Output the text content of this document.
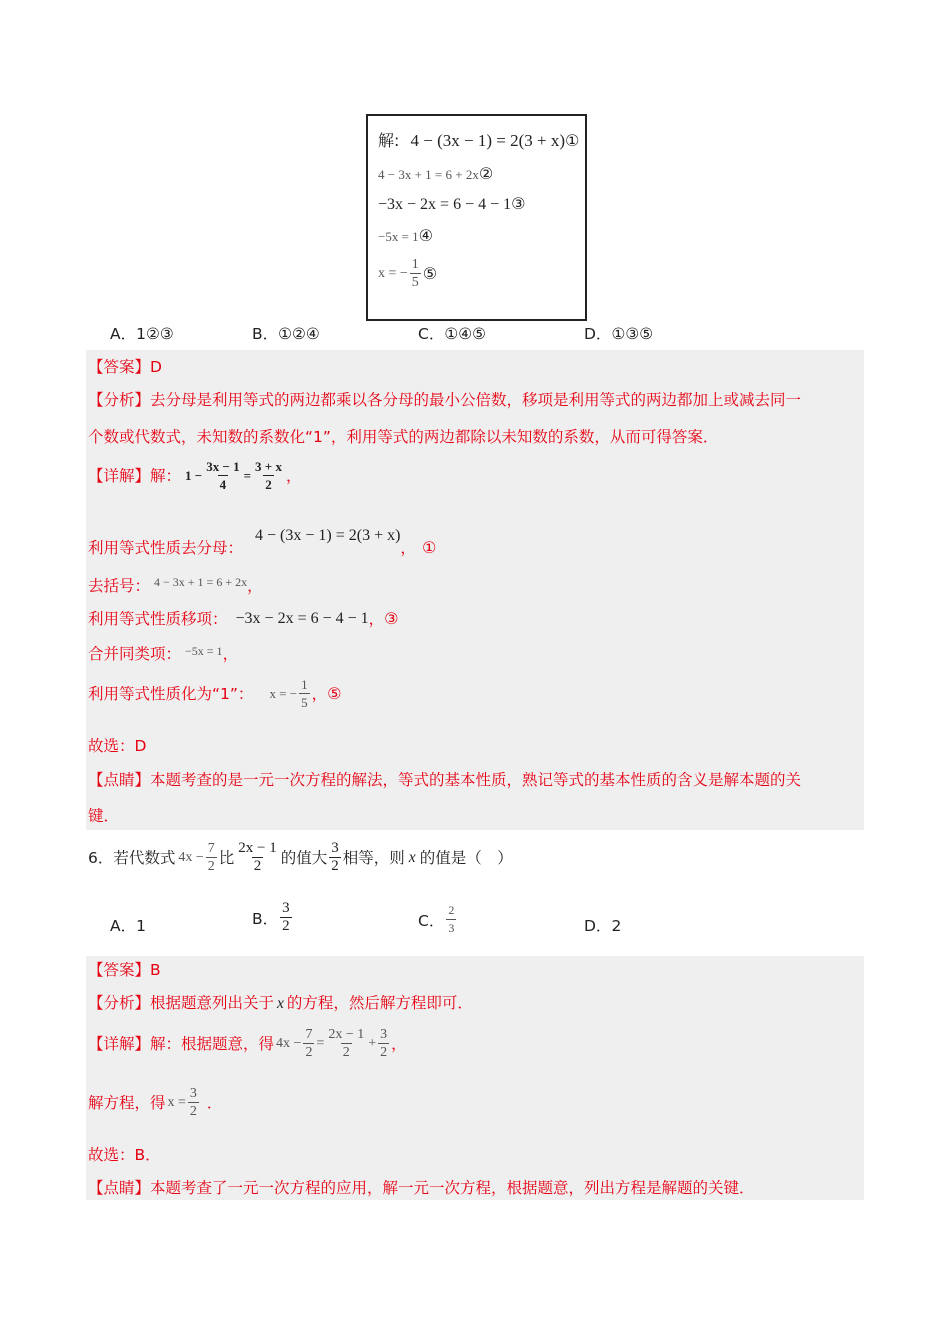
解: 4 − (3x − 1) = 2(3 + x)①
4 − 3x + 1 = 6 + 2x②
−3x − 2x = 6 − 4 − 1③
−5x = 1④
x = − $\frac{1}{5}$ ⑤
A．1②③	B．①②④	C．①④⑤	D．①③⑤
【答案】D
【分析】去分母是利用等式的两边都乘以各分母的最小公倍数，移项是利用等式的两边都加上或减去同一
个数或代数式，未知数的系数化“1”，利用等式的两边都除以未知数的系数，从而可得答案．
【详解】 解： $1 - \frac{3x - 1}{4} = \frac{3 + x}{2}$ ，
利用等式性质去分母：
4 − (3x − 1) = 2(3 + x)
， ①
去括号： 4 − 3x + 1 = 6 + 2x ，
利用等式性质移项： −3x − 2x = 6 − 4 − 1 ， ③
合并同类项： −5x = 1 ，
利用等式性质化为“1”： x = − $\frac{1}{5}$ ， ⑤
故选：D
【点睛】本题考查的是一元一次方程的解法，等式的基本性质，熟记等式的基本性质的含义是解本题的关
键．
6．若代数式 $4x - \frac{7}{2}$ 比 $\frac{2x - 1}{2}$ 的值大 $\frac{3}{2}$ 相等，则 x 的值是（　）
A．1	B． $\frac{3}{2}$	C． $\frac{2}{3}$	D．2
【答案】B
【分析】根据题意列出关于 x 的方程，然后解方程即可．
【详解】 解：根据题意，得 $4x - \frac{7}{2} = \frac{2x - 1}{2} + \frac{3}{2}$ ，
解方程，得 $x = \frac{3}{2}$ ．
故选：B．
【点睛】本题考查了一元一次方程的应用，解一元一次方程，根据题意，列出方程是解题的关键．
